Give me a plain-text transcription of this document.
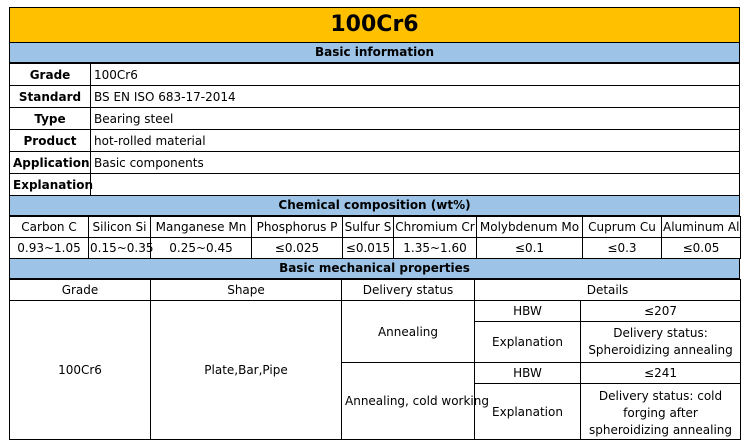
100Cr6
Basic information
Grade	100Cr6
Standard	BS EN ISO 683-17-2014
Type	Bearing steel
Product	hot-rolled material
Application	Basic components
Explanation	
Chemical composition (wt%)
Carbon C	Silicon Si	Manganese Mn	Phosphorus P	Sulfur S	Chromium Cr	Molybdenum Mo	Cuprum Cu	Aluminum Al
0.93~1.05	0.15~0.35	0.25~0.45	≤0.025	≤0.015	1.35~1.60	≤0.1	≤0.3	≤0.05
Basic mechanical properties
Grade	Shape	Delivery status	Details	
100Cr6	Plate,Bar,Pipe	Annealing	HBW	≤207
			Explanation	Delivery status: Spheroidizing annealing
		Annealing, cold working	HBW	≤241
			Explanation	Delivery status: cold forging after spheroidizing annealing
